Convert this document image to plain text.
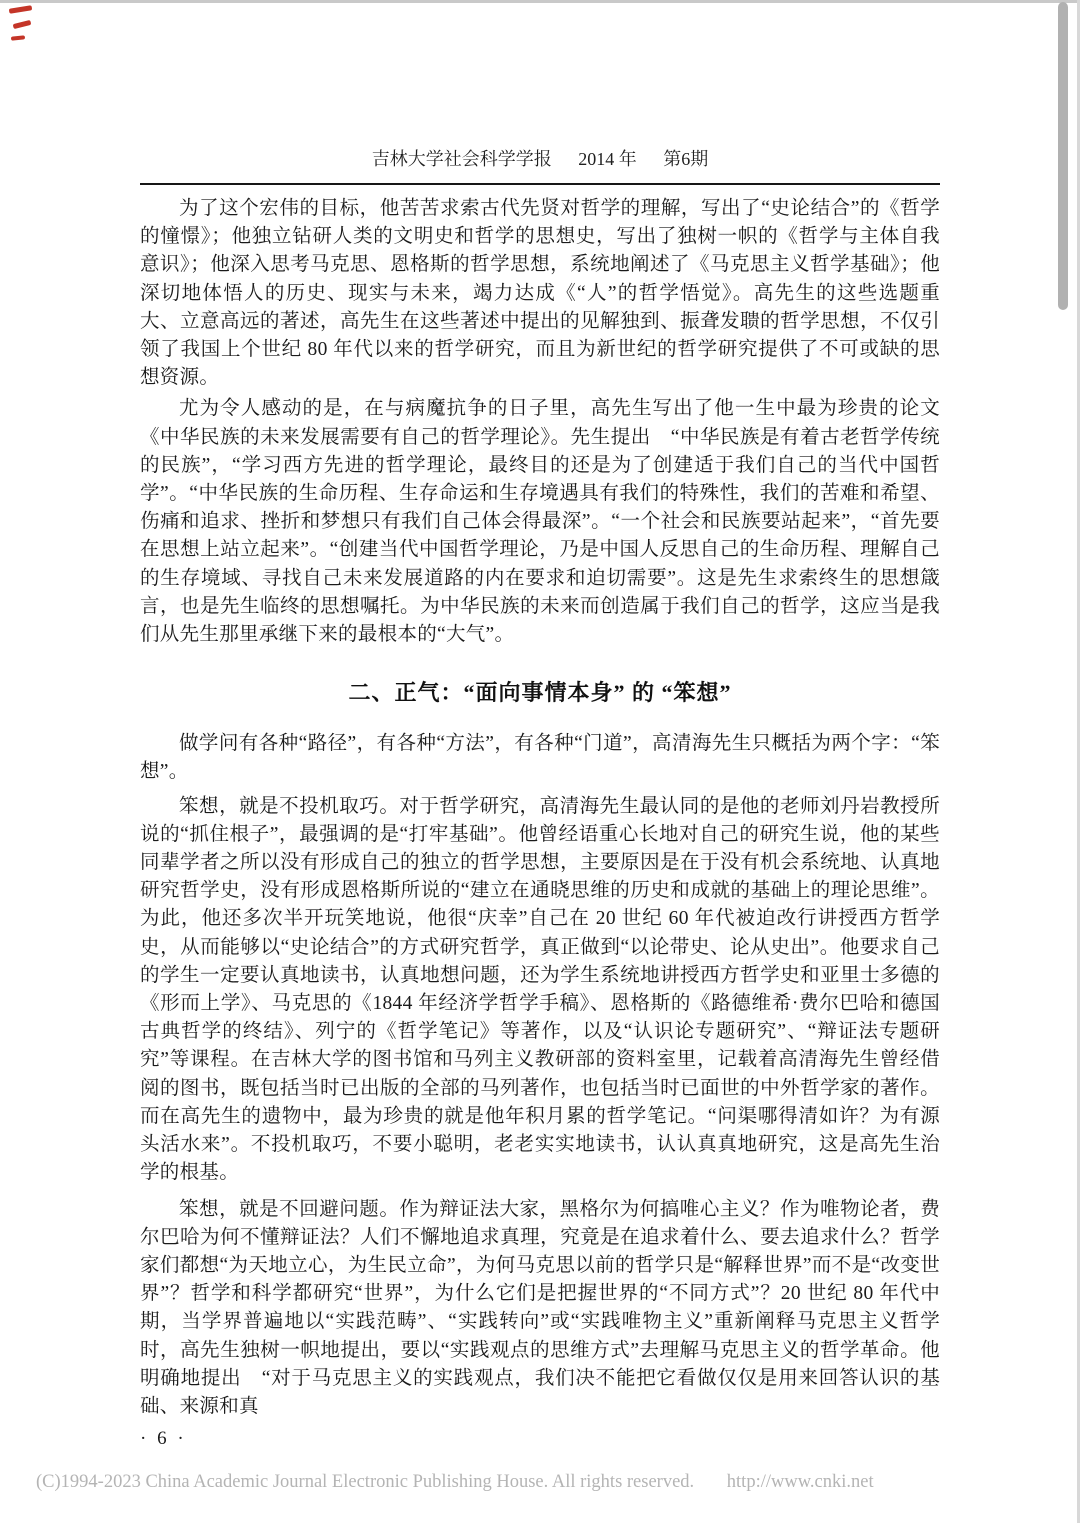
吉林大学社会科学学报 2014 年 第6期

为了这个宏伟的目标，他苦苦求索古代先贤对哲学的理解，写出了“史论结合”的《哲学的憧憬》；他独立钻研人类的文明史和哲学的思想史，写出了独树一帜的《哲学与主体自我意识》；他深入思考马克思、恩格斯的哲学思想，系统地阐述了《马克思主义哲学基础》；他深切地体悟人的历史、现实与未来，竭力达成《“人”的哲学悟觉》。高先生的这些选题重大、立意高远的著述，高先生在这些著述中提出的见解独到、振聋发聩的哲学思想，不仅引领了我国上个世纪 80 年代以来的哲学研究，而且为新世纪的哲学研究提供了不可或缺的思想资源。

尤为令人感动的是，在与病魔抗争的日子里，高先生写出了他一生中最为珍贵的论文《中华民族的未来发展需要有自己的哲学理论》。先生提出　“中华民族是有着古老哲学传统的民族”，“学习西方先进的哲学理论，最终目的还是为了创建适于我们自己的当代中国哲学”。“中华民族的生命历程、生存命运和生存境遇具有我们的特殊性，我们的苦难和希望、伤痛和追求、挫折和梦想只有我们自己体会得最深”。“一个社会和民族要站起来”，“首先要在思想上站立起来”。“创建当代中国哲学理论，乃是中国人反思自己的生命历程、理解自己的生存境域、寻找自己未来发展道路的内在要求和迫切需要”。这是先生求索终生的思想箴言，也是先生临终的思想嘱托。为中华民族的未来而创造属于我们自己的哲学，这应当是我们从先生那里承继下来的最根本的“大气”。

二、正气：“面向事情本身” 的 “笨想”

做学问有各种“路径”，有各种“方法”，有各种“门道”，高清海先生只概括为两个字：“笨想”。

笨想，就是不投机取巧。对于哲学研究，高清海先生最认同的是他的老师刘丹岩教授所说的“抓住根子”，最强调的是“打牢基础”。他曾经语重心长地对自己的研究生说，他的某些同辈学者之所以没有形成自己的独立的哲学思想，主要原因是在于没有机会系统地、认真地研究哲学史，没有形成恩格斯所说的“建立在通晓思维的历史和成就的基础上的理论思维”。为此，他还多次半开玩笑地说，他很“庆幸”自己在 20 世纪 60 年代被迫改行讲授西方哲学史，从而能够以“史论结合”的方式研究哲学，真正做到“以论带史、论从史出”。他要求自己的学生一定要认真地读书，认真地想问题，还为学生系统地讲授西方哲学史和亚里士多德的《形而上学》、马克思的《1844 年经济学哲学手稿》、恩格斯的《路德维希·费尔巴哈和德国古典哲学的终结》、列宁的《哲学笔记》等著作，以及“认识论专题研究”、“辩证法专题研究”等课程。在吉林大学的图书馆和马列主义教研部的资料室里，记载着高清海先生曾经借阅的图书，既包括当时已出版的全部的马列著作，也包括当时已面世的中外哲学家的著作。而在高先生的遗物中，最为珍贵的就是他年积月累的哲学笔记。“问渠哪得清如许？为有源头活水来”。不投机取巧，不要小聪明，老老实实地读书，认认真真地研究，这是高先生治学的根基。

笨想，就是不回避问题。作为辩证法大家，黑格尔为何搞唯心主义？作为唯物论者，费尔巴哈为何不懂辩证法？人们不懈地追求真理，究竟是在追求着什么、要去追求什么？哲学家们都想“为天地立心，为生民立命”，为何马克思以前的哲学只是“解释世界”而不是“改变世界”？哲学和科学都研究“世界”，为什么它们是把握世界的“不同方式”？20 世纪 80 年代中期，当学界普遍地以“实践范畴”、“实践转向”或“实践唯物主义”重新阐释马克思主义哲学时，高先生独树一帜地提出，要以“实践观点的思维方式”去理解马克思主义的哲学革命。他明确地提出　“对于马克思主义的实践观点，我们决不能把它看做仅仅是用来回答认识的基础、来源和真

· 6 ·
(C)1994-2023 China Academic Journal Electronic Publishing House. All rights reserved. http://www.cnki.net
